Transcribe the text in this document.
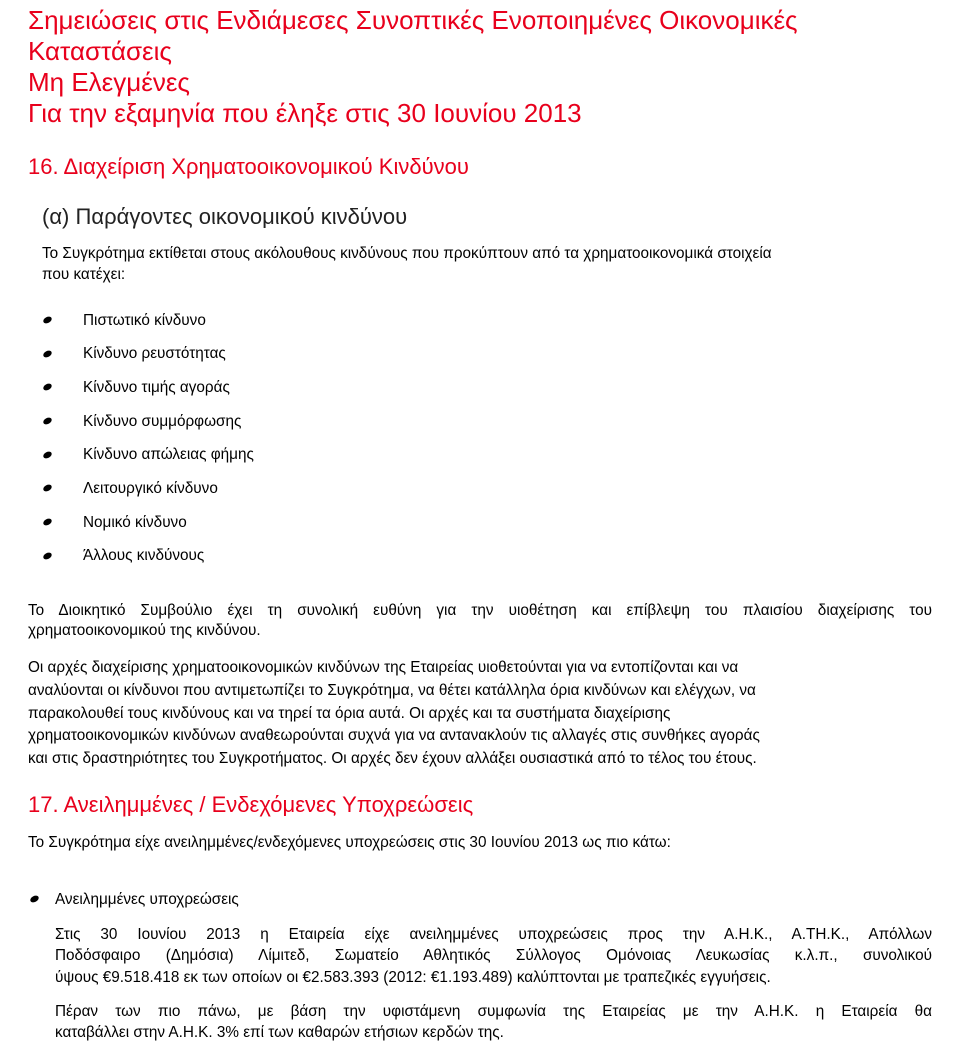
Σημειώσεις στις Ενδιάμεσες Συνοπτικές Ενοποιημένες Οικονομικές
Καταστάσεις
Μη Ελεγμένες
Για την εξαμηνία που έληξε στις 30 Ιουνίου 2013
16. Διαχείριση Χρηματοοικονομικού Κινδύνου
(α) Παράγοντες οικονομικού κινδύνου
Το Συγκρότημα εκτίθεται στους ακόλουθους κινδύνους που προκύπτουν από τα χρηματοοικονομικά στοιχεία
που κατέχει:
Πιστωτικό κίνδυνο
Κίνδυνο ρευστότητας
Κίνδυνο τιμής αγοράς
Κίνδυνο συμμόρφωσης
Κίνδυνο απώλειας φήμης
Λειτουργικό κίνδυνο
Νομικό κίνδυνο
Άλλους κινδύνους
Το Διοικητικό Συμβούλιο έχει τη συνολική ευθύνη για την υιοθέτηση και επίβλεψη του πλαισίου διαχείρισης του
χρηματοοικονομικού της κινδύνου.
Οι αρχές διαχείρισης χρηματοοικονομικών κινδύνων της Εταιρείας υιοθετούνται για να εντοπίζονται και να
αναλύονται οι κίνδυνοι που αντιμετωπίζει το Συγκρότημα, να θέτει κατάλληλα όρια κινδύνων και ελέγχων, να
παρακολουθεί τους κινδύνους και να τηρεί τα όρια αυτά. Οι αρχές και τα συστήματα διαχείρισης
χρηματοοικονομικών κινδύνων αναθεωρούνται συχνά για να αντανακλούν τις αλλαγές στις συνθήκες αγοράς
και στις δραστηριότητες του Συγκροτήματος. Οι αρχές δεν έχουν αλλάξει ουσιαστικά από το τέλος του έτους.
17. Ανειλημμένες / Ενδεχόμενες Υποχρεώσεις
Το Συγκρότημα είχε ανειλημμένες/ενδεχόμενες υποχρεώσεις στις 30 Ιουνίου 2013 ως πιο κάτω:
Ανειλημμένες υποχρεώσεις
Στις 30 Ιουνίου 2013 η Εταιρεία είχε ανειλημμένες υποχρεώσεις προς την Α.Η.Κ., Α.ΤΗ.Κ., Απόλλων
Ποδόσφαιρο (Δημόσια) Λίμιτεδ, Σωματείο Αθλητικός Σύλλογος Ομόνοιας Λευκωσίας κ.λ.π., συνολικού
ύψους €9.518.418 εκ των οποίων οι €2.583.393 (2012: €1.193.489) καλύπτονται με τραπεζικές εγγυήσεις.
Πέραν των πιο πάνω, με βάση την υφιστάμενη συμφωνία της Εταιρείας με την Α.Η.Κ. η Εταιρεία θα
καταβάλλει στην Α.Η.Κ. 3% επί των καθαρών ετήσιων κερδών της.
